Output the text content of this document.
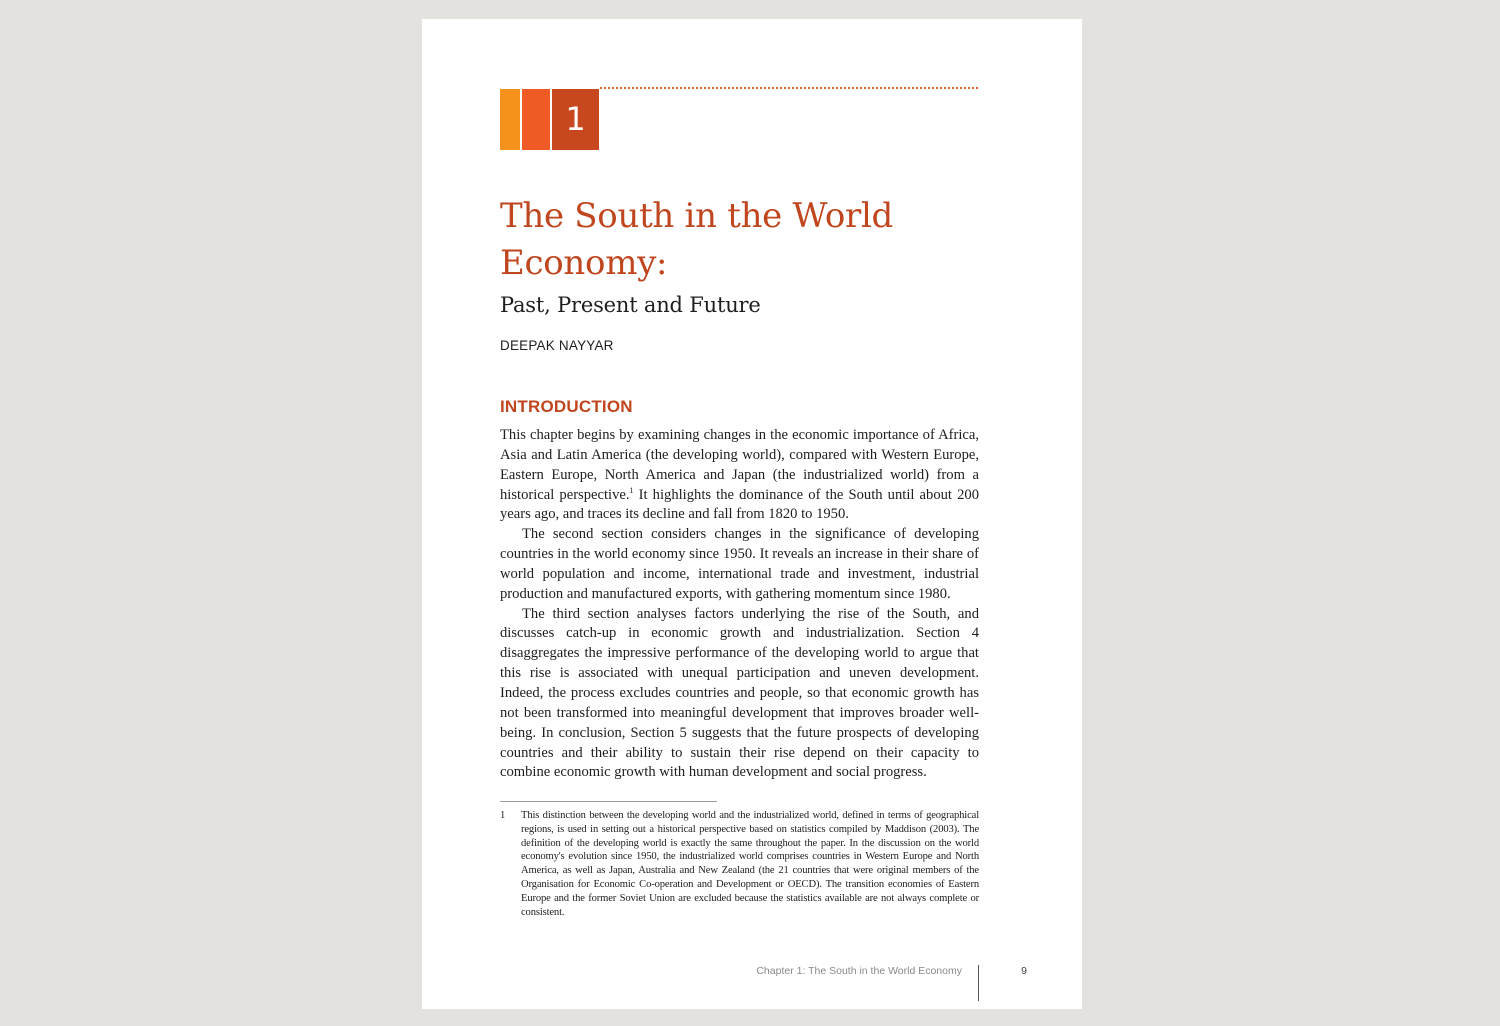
1
The South in the World Economy:
Past, Present and Future
DEEPAK NAYYAR
INTRODUCTION

This chapter begins by examining changes in the economic importance of Africa, Asia and Latin America (the developing world), compared with Western Europe, Eastern Europe, North America and Japan (the industrialized world) from a historical perspective.$^1$ It highlights the dominance of the South until about 200 years ago, and traces its decline and fall from 1820 to 1950.

The second section considers changes in the significance of developing countries in the world economy since 1950. It reveals an increase in their share of world population and income, international trade and investment, industrial production and manufactured exports, with gathering momentum since 1980.

The third section analyses factors underlying the rise of the South, and discusses catch-up in economic growth and industrialization. Section 4 disaggregates the impressive performance of the developing world to argue that this rise is associated with unequal participation and uneven development. Indeed, the process excludes countries and people, so that economic growth has not been transformed into meaningful development that improves broader well-being. In conclusion, Section 5 suggests that the future prospects of developing countries and their ability to sustain their rise depend on their capacity to combine economic growth with human development and social progress.

1	This distinction between the developing world and the industrialized world, defined in terms of geographical regions, is used in setting out a historical perspective based on statistics compiled by Maddison (2003). The definition of the developing world is exactly the same throughout the paper. In the discussion on the world economy's evolution since 1950, the industrialized world comprises countries in Western Europe and North America, as well as Japan, Australia and New Zealand (the 21 countries that were original members of the Organisation for Economic Co-operation and Development or OECD). The transition economies of Eastern Europe and the former Soviet Union are excluded because the statistics available are not always complete or consistent.
Chapter 1: The South in the World Economy	9
